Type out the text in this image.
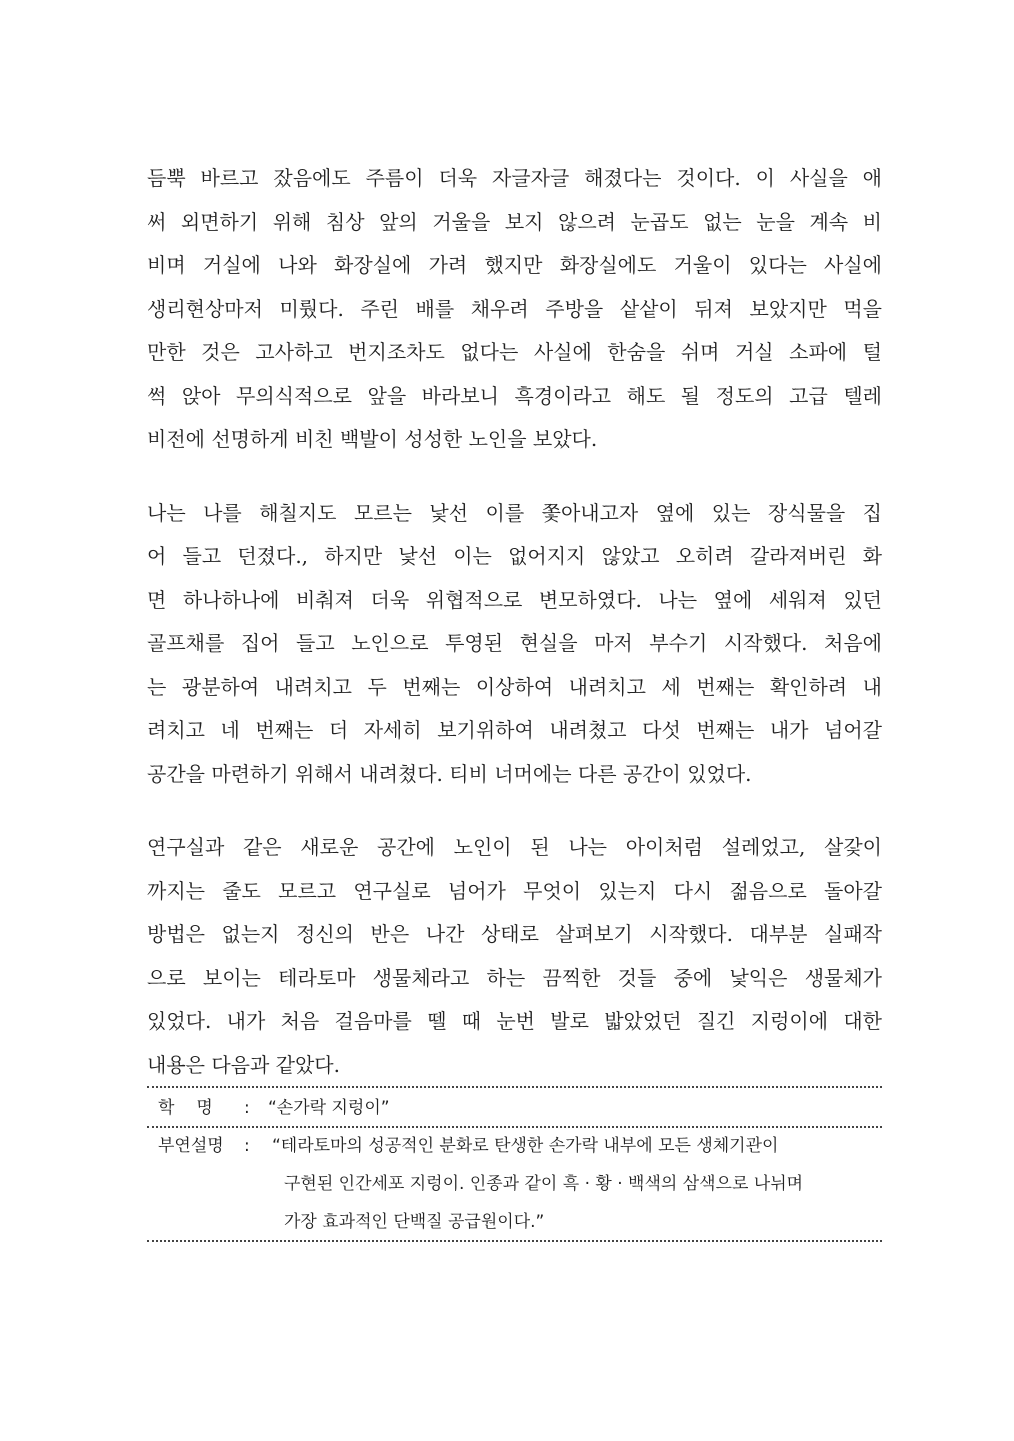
듬뿍 바르고 잤음에도 주름이 더욱 자글자글 해졌다는 것이다. 이 사실을 애
써 외면하기 위해 침상 앞의 거울을 보지 않으려 눈곱도 없는 눈을 계속 비
비며 거실에 나와 화장실에 가려 했지만 화장실에도 거울이 있다는 사실에
생리현상마저 미뤘다. 주린 배를 채우려 주방을 샅샅이 뒤져 보았지만 먹을
만한 것은 고사하고 번지조차도 없다는 사실에 한숨을 쉬며 거실 소파에 털
썩 앉아 무의식적으로 앞을 바라보니 흑경이라고 해도 될 정도의 고급 텔레
비전에 선명하게 비친 백발이 성성한 노인을 보았다.
나는 나를 해칠지도 모르는 낯선 이를 쫓아내고자 옆에 있는 장식물을 집
어 들고 던졌다., 하지만 낯선 이는 없어지지 않았고 오히려 갈라져버린 화
면 하나하나에 비춰져 더욱 위협적으로 변모하였다. 나는 옆에 세워져 있던
골프채를 집어 들고 노인으로 투영된 현실을 마저 부수기 시작했다. 처음에
는 광분하여 내려치고 두 번째는 이상하여 내려치고 세 번째는 확인하려 내
려치고 네 번째는 더 자세히 보기위하여 내려쳤고 다섯 번째는 내가 넘어갈
공간을 마련하기 위해서 내려쳤다. 티비 너머에는 다른 공간이 있었다.
연구실과 같은 새로운 공간에 노인이 된 나는 아이처럼 설레었고, 살갗이
까지는 줄도 모르고 연구실로 넘어가 무엇이 있는지 다시 젊음으로 돌아갈
방법은 없는지 정신의 반은 나간 상태로 살펴보기 시작했다. 대부분 실패작
으로 보이는 테라토마 생물체라고 하는 끔찍한 것들 중에 낯익은 생물체가
있었다. 내가 처음 걸음마를 뗄 때 눈번 발로 밟았었던 질긴 지렁이에 대한
내용은 다음과 같았다.
학명 : “손가락 지렁이”
부연설명 : “테라토마의 성공적인 분화로 탄생한 손가락 내부에 모든 생체기관이
구현된 인간세포 지렁이. 인종과 같이 흑 · 황 · 백색의 삼색으로 나뉘며
가장 효과적인 단백질 공급원이다.”
